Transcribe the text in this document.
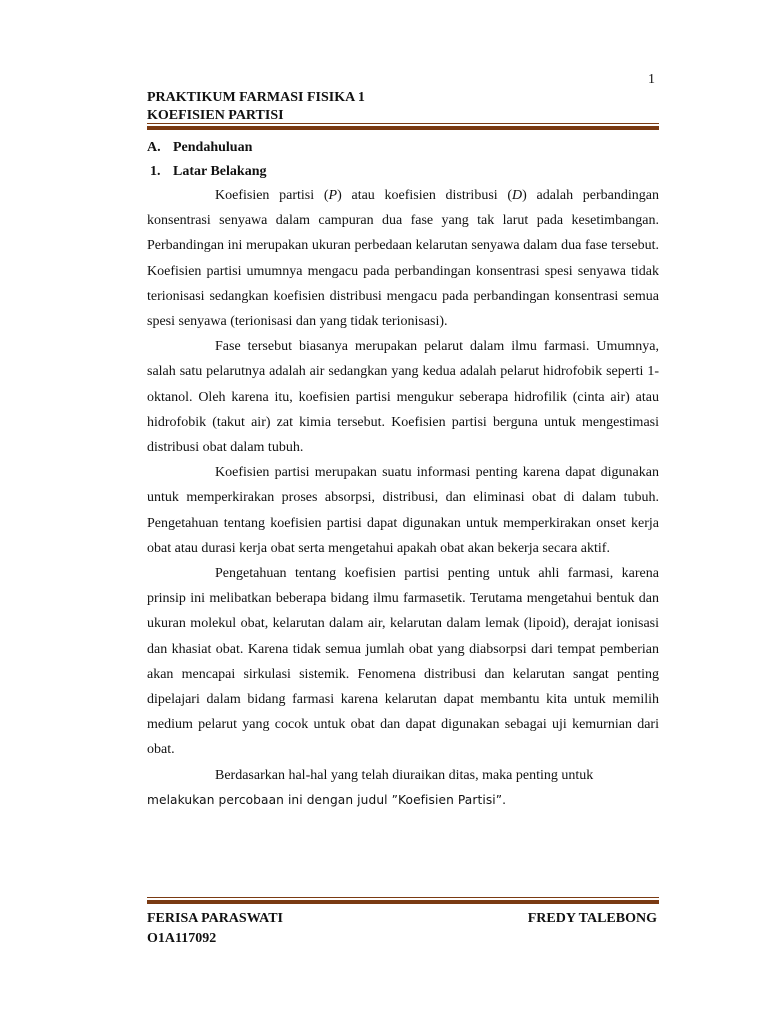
1
PRAKTIKUM FARMASI FISIKA 1
KOEFISIEN PARTISI
A. Pendahuluan
1. Latar Belakang

Koefisien partisi (P) atau koefisien distribusi (D) adalah perbandingan konsentrasi senyawa dalam campuran dua fase yang tak larut pada kesetimbangan. Perbandingan ini merupakan ukuran perbedaan kelarutan senyawa dalam dua fase tersebut. Koefisien partisi umumnya mengacu pada perbandingan konsentrasi spesi senyawa tidak terionisasi sedangkan koefisien distribusi mengacu pada perbandingan konsentrasi semua spesi senyawa (terionisasi dan yang tidak terionisasi).

Fase tersebut biasanya merupakan pelarut dalam ilmu farmasi. Umumnya, salah satu pelarutnya adalah air sedangkan yang kedua adalah pelarut hidrofobik seperti 1-oktanol. Oleh karena itu, koefisien partisi mengukur seberapa hidrofilik (cinta air) atau hidrofobik (takut air) zat kimia tersebut. Koefisien partisi berguna untuk mengestimasi distribusi obat dalam tubuh.

Koefisien partisi merupakan suatu informasi penting karena dapat digunakan untuk memperkirakan proses absorpsi, distribusi, dan eliminasi obat di dalam tubuh. Pengetahuan tentang koefisien partisi dapat digunakan untuk memperkirakan onset kerja obat atau durasi kerja obat serta mengetahui apakah obat akan bekerja secara aktif.

Pengetahuan tentang koefisien partisi penting untuk ahli farmasi, karena prinsip ini melibatkan beberapa bidang ilmu farmasetik. Terutama mengetahui bentuk dan ukuran molekul obat, kelarutan dalam air, kelarutan dalam lemak (lipoid), derajat ionisasi dan khasiat obat. Karena tidak semua jumlah obat yang diabsorpsi dari tempat pemberian akan mencapai sirkulasi sistemik. Fenomena distribusi dan kelarutan sangat penting dipelajari dalam bidang farmasi karena kelarutan dapat membantu kita untuk memilih medium pelarut yang cocok untuk obat dan dapat digunakan sebagai uji kemurnian dari obat.

Berdasarkan hal-hal yang telah diuraikan ditas, maka penting untuk
melakukan percobaan ini dengan judul ”Koefisien Partisi”.

FERISA PARASWATI
O1A117092
FREDY TALEBONG
